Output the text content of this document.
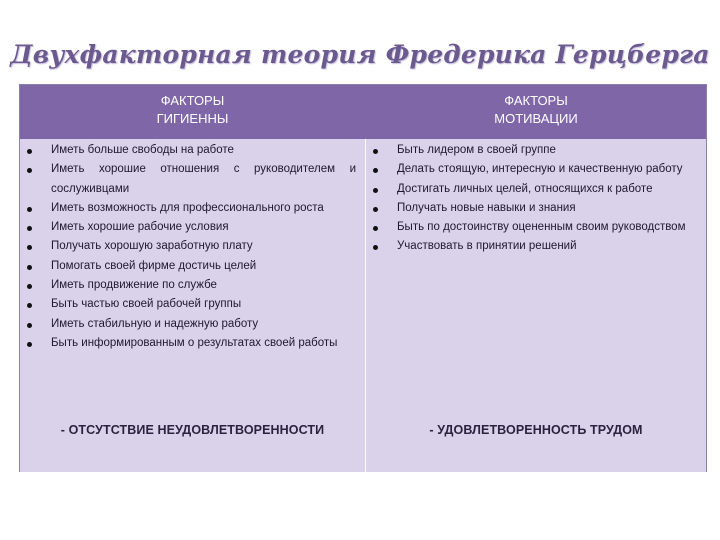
Двухфакторная теория Фредерика Герцберга
ФАКТОРЫ
ГИГИЕННЫ
ФАКТОРЫ
МОТИВАЦИИ
Иметь больше свободы на работе
Иметь хорошие отношения с руководителем и сослуживцами
Иметь возможность для профессионального роста
Иметь хорошие рабочие условия
Получать хорошую заработную плату
Помогать своей фирме достичь целей
Иметь продвижение по службе
Быть частью своей рабочей группы
Иметь стабильную и надежную работу
Быть информированным о результатах своей работы
Быть лидером в своей группе
Делать стоящую, интересную и качественную работу
Достигать личных целей, относящихся к работе
Получать новые навыки и знания
Быть по достоинству оцененным своим руководством
Участвовать в принятии решений
- ОТСУТСТВИЕ НЕУДОВЛЕТВОРЕННОСТИ	- УДОВЛЕТВОРЕННОСТЬ ТРУДОМ
